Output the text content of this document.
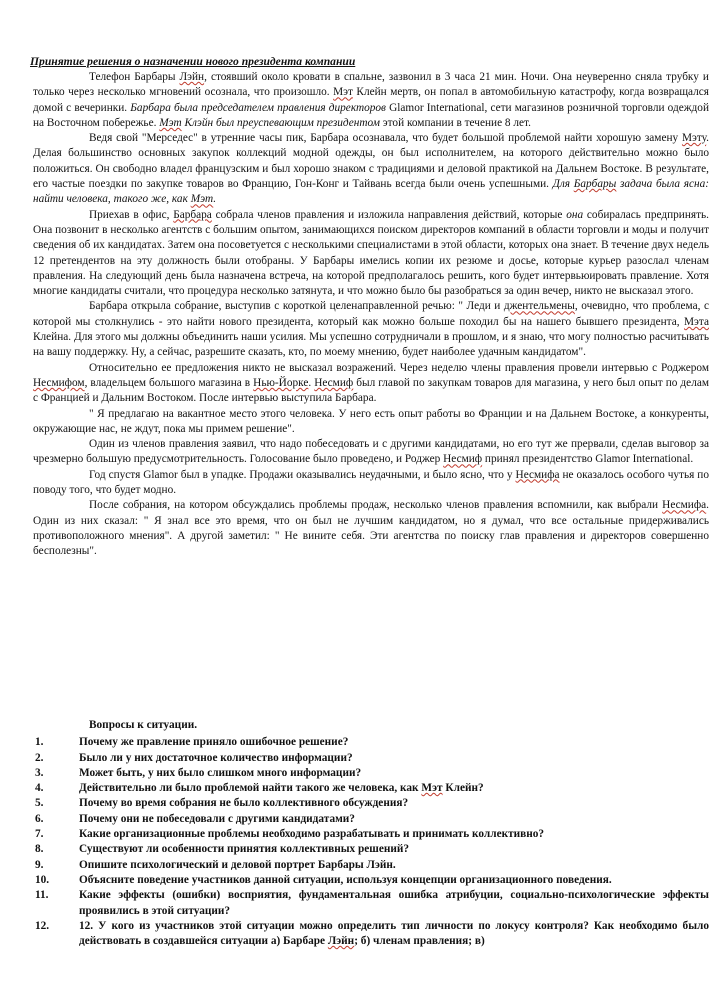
Принятие решения о назначении нового президента компании

Телефон Барбары Лэйн, стоявший около кровати в спальне, зазвонил в 3 часа 21 мин. Ночи. Она неуверенно сняла трубку и только через несколько мгновений осознала, что произошло. Мэт Клейн мертв, он попал в автомобильную катастрофу, когда возвращался домой с вечеринки. Барбара была председателем правления директоров Glamor International, сети магазинов розничной торговли одеждой на Восточном побережье. Мэт Клэйн был преуспевающим президентом этой компании в течение 8 лет.

Ведя свой "Мерседес" в утренние часы пик, Барбара осознавала, что будет большой проблемой найти хорошую замену Мэту. Делая большинство основных закупок коллекций модной одежды, он был исполнителем, на которого действительно можно было положиться. Он свободно владел французским и был хорошо знаком с традициями и деловой практикой на Дальнем Востоке. В результате, его частые поездки по закупке товаров во Францию, Гон-Конг и Тайвань всегда были очень успешными. Для Барбары задача была ясна: найти человека, такого же, как Мэт.

Приехав в офис, Барбара собрала членов правления и изложила направления действий, которые она собиралась предпринять. Она позвонит в несколько агентств с большим опытом, занимающихся поиском директоров компаний в области торговли и моды и получит сведения об их кандидатах. Затем она посоветуется с несколькими специалистами в этой области, которых она знает. В течение двух недель 12 претендентов на эту должность были отобраны. У Барбары имелись копии их резюме и досье, которые курьер разослал членам правления. На следующий день была назначена встреча, на которой предполагалось решить, кого будет интервьюировать правление. Хотя многие кандидаты считали, что процедура несколько затянута, и что можно было бы разобраться за один вечер, никто не высказал этого.

Барбара открыла собрание, выступив с короткой целенаправленной речью: " Леди и джентельмены, очевидно, что проблема, с которой мы столкнулись - это найти нового президента, который как можно больше походил бы на нашего бывшего президента, Мэта Клейна. Для этого мы должны объединить наши усилия. Мы успешно сотрудничали в прошлом, и я знаю, что могу полностью расчитывать на вашу поддержку. Ну, а сейчас, разрешите сказать, кто, по моему мнению, будет наиболее удачным кандидатом".

Относительно ее предложения никто не высказал возражений. Через неделю члены правления провели интервью с Роджером Несмифом, владельцем большого магазина в Нью-Йорке. Несмиф был главой по закупкам товаров для магазина, у него был опыт по делам с Францией и Дальним Востоком. После интервью выступила Барбара.

" Я предлагаю на вакантное место этого человека. У него есть опыт работы во Франции и на Дальнем Востоке, а конкуренты, окружающие нас, не ждут, пока мы примем решение".

Один из членов правления заявил, что надо побеседовать и с другими кандидатами, но его тут же прервали, сделав выговор за чрезмерно большую предусмотрительность. Голосование было проведено, и Роджер Несмиф принял президентство Glamor International.

Год спустя Glamor был в упадке. Продажи оказывались неудачными, и было ясно, что у Несмифа не оказалось особого чутья по поводу того, что будет модно.

После собрания, на котором обсуждались проблемы продаж, несколько членов правления вспомнили, как выбрали Несмифа. Один из них сказал: " Я знал все это время, что он был не лучшим кандидатом, но я думал, что все остальные придерживались противоположного мнения". А другой заметил: " Не вините себя. Эти агентства по поиску глав правления и директоров совершенно бесполезны".

Вопросы к ситуации.
1.	Почему же правление приняло ошибочное решение?
2.	Было ли у них достаточное количество информации?
3.	Может быть, у них было слишком много информации?
4.	Действительно ли было проблемой найти такого же человека, как Мэт Клейн?
5.	Почему во время собрания не было коллективного обсуждения?
6.	Почему они не побеседовали с другими кандидатами?
7.	Какие организационные проблемы необходимо разрабатывать и принимать коллективно?
8.	Существуют ли особенности принятия коллективных решений?
9.	Опишите психологический и деловой портрет Барбары Лэйн.
10.	Объясните поведение участников данной ситуации, используя концепции организационного поведения.
11.	Какие эффекты (ошибки) восприятия, фундаментальная ошибка атрибуции, социально-психологические эффекты проявились в этой ситуации?
12.	12. У кого из участников этой ситуации можно определить тип личности по локусу контроля? Как необходимо было действовать в создавшейся ситуации а) Барбаре Лэйн; б) членам правления; в)
